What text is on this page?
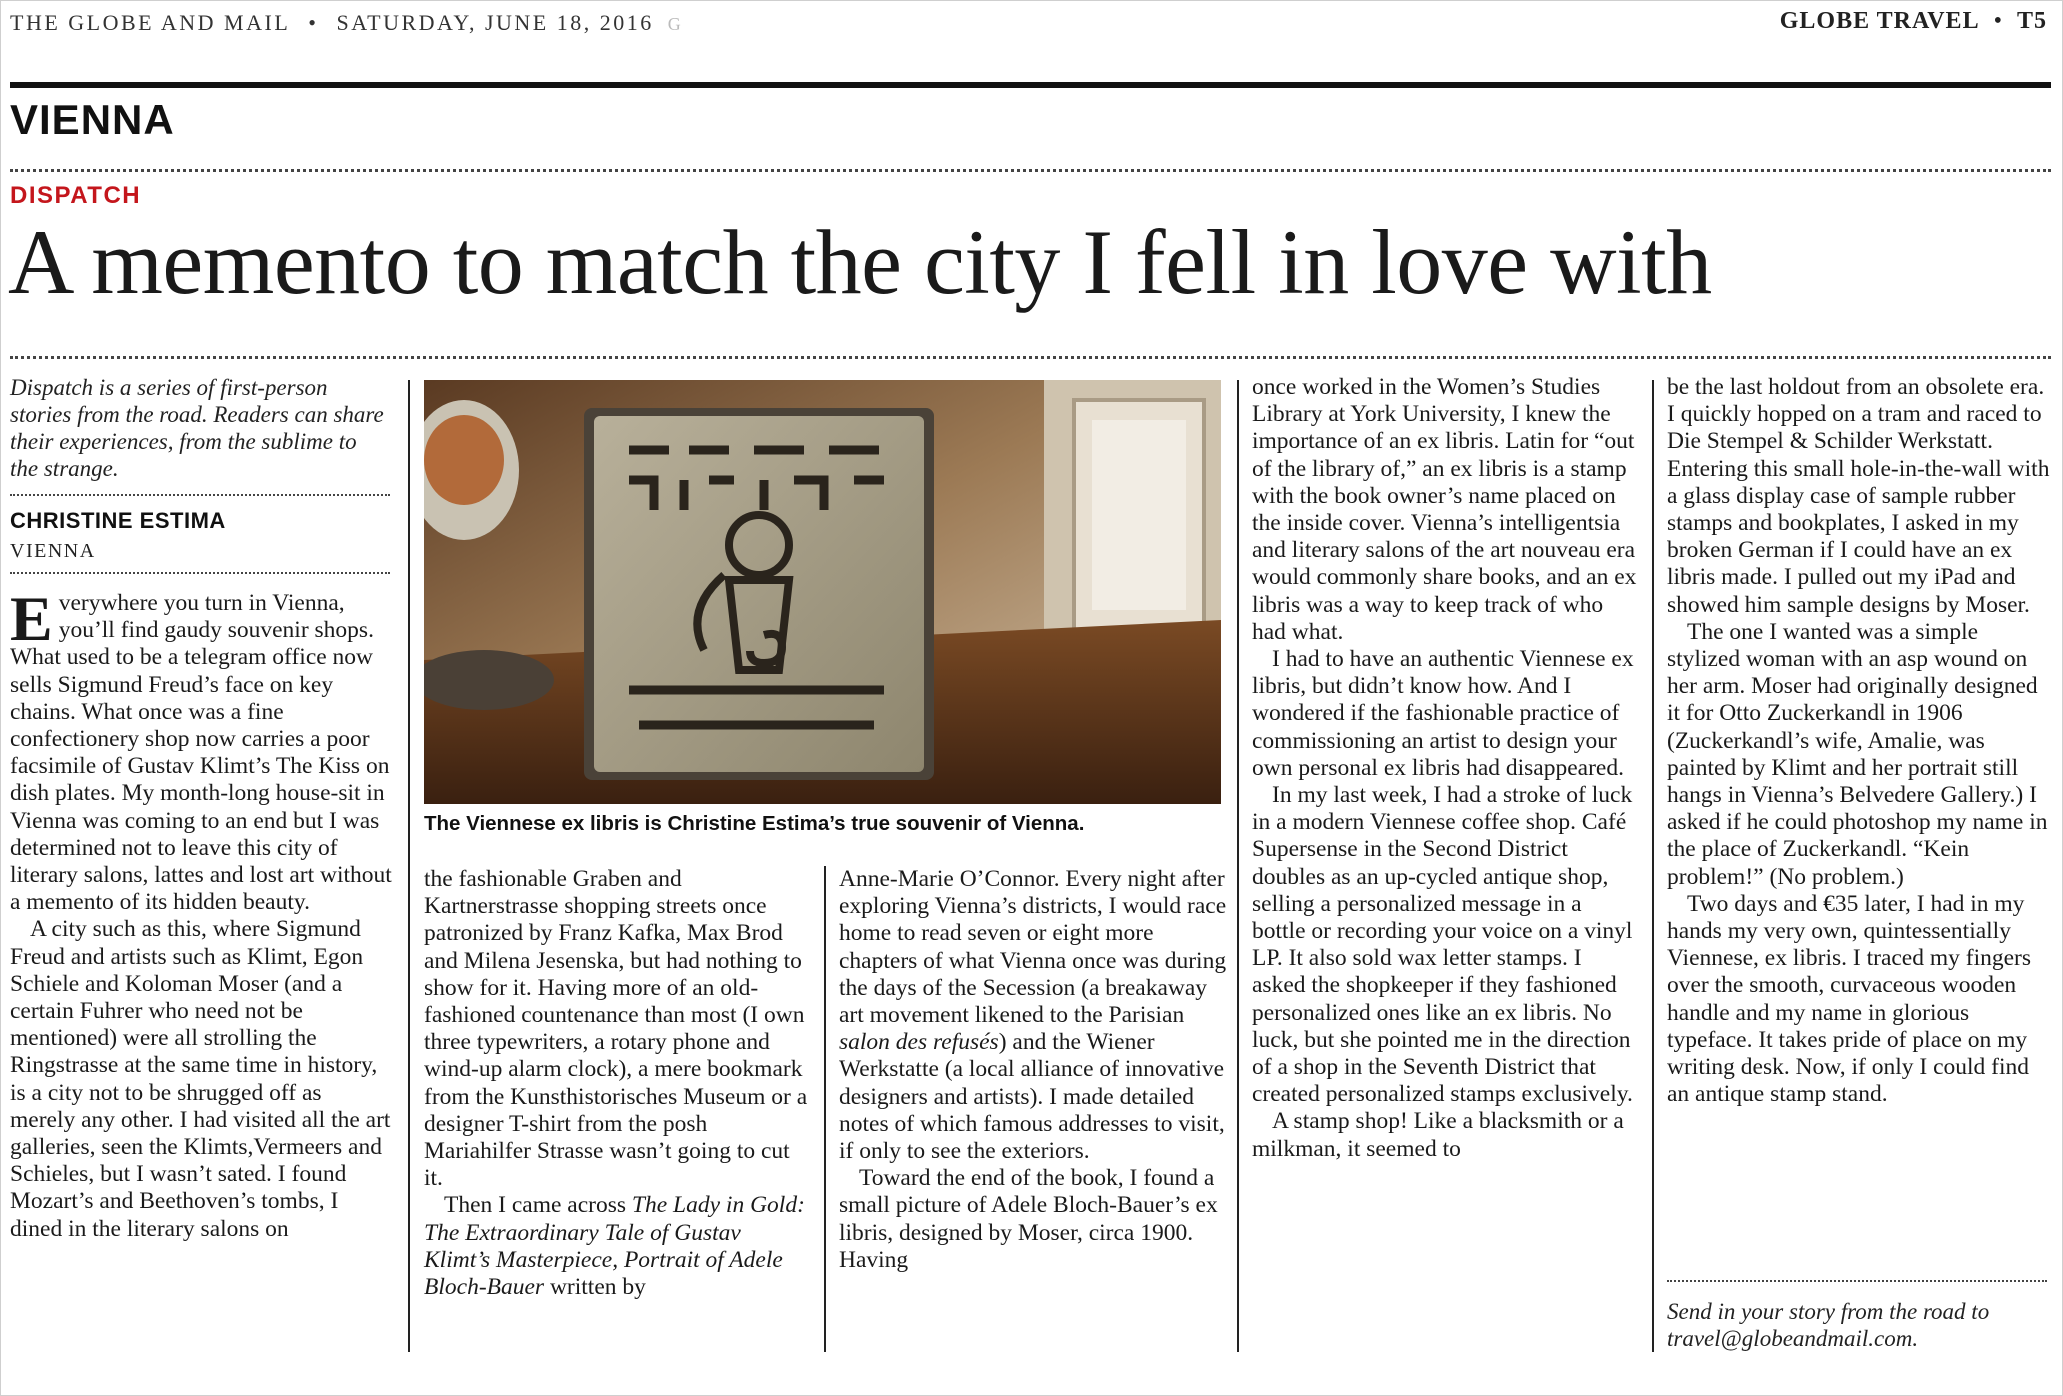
THE GLOBE AND MAIL • SATURDAY, JUNE 18, 2016 G	GLOBE TRAVEL • T5
VIENNA
DISPATCH
A memento to match the city I fell in love with
Dispatch is a series of first-person stories from the road. Readers can share their experiences, from the sublime to the strange.
CHRISTINE ESTIMA
VIENNA

Everywhere you turn in Vienna, you’ll find gaudy souvenir shops. What used to be a telegram office now sells Sigmund Freud’s face on key chains. What once was a fine confectionery shop now carries a poor facsimile of Gustav Klimt’s The Kiss on dish plates. My month-long house-sit in Vienna was coming to an end but I was determined not to leave this city of literary salons, lattes and lost art without a memento of its hidden beauty.

A city such as this, where Sigmund Freud and artists such as Klimt, Egon Schiele and Koloman Moser (and a certain Fuhrer who need not be mentioned) were all strolling the Ringstrasse at the same time in history, is a city not to be shrugged off as merely any other. I had visited all the art galleries, seen the Klimts,Vermeers and Schieles, but I wasn’t sated. I found Mozart’s and Beethoven’s tombs, I dined in the literary salons on

The Viennese ex libris is Christine Estima’s true souvenir of Vienna.

the fashionable Graben and Kartnerstrasse shopping streets once patronized by Franz Kafka, Max Brod and Milena Jesenska, but had nothing to show for it. Having more of an old-fashioned countenance than most (I own three typewriters, a rotary phone and wind-up alarm clock), a mere bookmark from the Kunsthistorisches Museum or a designer T-shirt from the posh Mariahilfer Strasse wasn’t going to cut it.

Then I came across The Lady in Gold: The Extraordinary Tale of Gustav Klimt’s Masterpiece, Portrait of Adele Bloch-Bauer written by

Anne-Marie O’Connor. Every night after exploring Vienna’s districts, I would race home to read seven or eight more chapters of what Vienna once was during the days of the Secession (a breakaway art movement likened to the Parisian salon des refusés) and the Wiener Werkstatte (a local alliance of innovative designers and artists). I made detailed notes of which famous addresses to visit, if only to see the exteriors.

Toward the end of the book, I found a small picture of Adele Bloch-Bauer’s ex libris, designed by Moser, circa 1900. Having

once worked in the Women’s Studies Library at York University, I knew the importance of an ex libris. Latin for “out of the library of,” an ex libris is a stamp with the book owner’s name placed on the inside cover. Vienna’s intelligentsia and literary salons of the art nouveau era would commonly share books, and an ex libris was a way to keep track of who had what.

I had to have an authentic Viennese ex libris, but didn’t know how. And I wondered if the fashionable practice of commissioning an artist to design your own personal ex libris had disappeared.

In my last week, I had a stroke of luck in a modern Viennese coffee shop. Café Supersense in the Second District doubles as an up-cycled antique shop, selling a personalized message in a bottle or recording your voice on a vinyl LP. It also sold wax letter stamps. I asked the shopkeeper if they fashioned personalized ones like an ex libris. No luck, but she pointed me in the direction of a shop in the Seventh District that created personalized stamps exclusively.

A stamp shop! Like a blacksmith or a milkman, it seemed to

be the last holdout from an obsolete era. I quickly hopped on a tram and raced to Die Stempel & Schilder Werkstatt. Entering this small hole-in-the-wall with a glass display case of sample rubber stamps and bookplates, I asked in my broken German if I could have an ex libris made. I pulled out my iPad and showed him sample designs by Moser.

The one I wanted was a simple stylized woman with an asp wound on her arm. Moser had originally designed it for Otto Zuckerkandl in 1906 (Zuckerkandl’s wife, Amalie, was painted by Klimt and her portrait still hangs in Vienna’s Belvedere Gallery.) I asked if he could photoshop my name in the place of Zuckerkandl. “Kein problem!” (No problem.)

Two days and €35 later, I had in my hands my very own, quintessentially Viennese, ex libris. I traced my fingers over the smooth, curvaceous wooden handle and my name in glorious typeface. It takes pride of place on my writing desk. Now, if only I could find an antique stamp stand.

Send in your story from the road to travel@globeandmail.com.
